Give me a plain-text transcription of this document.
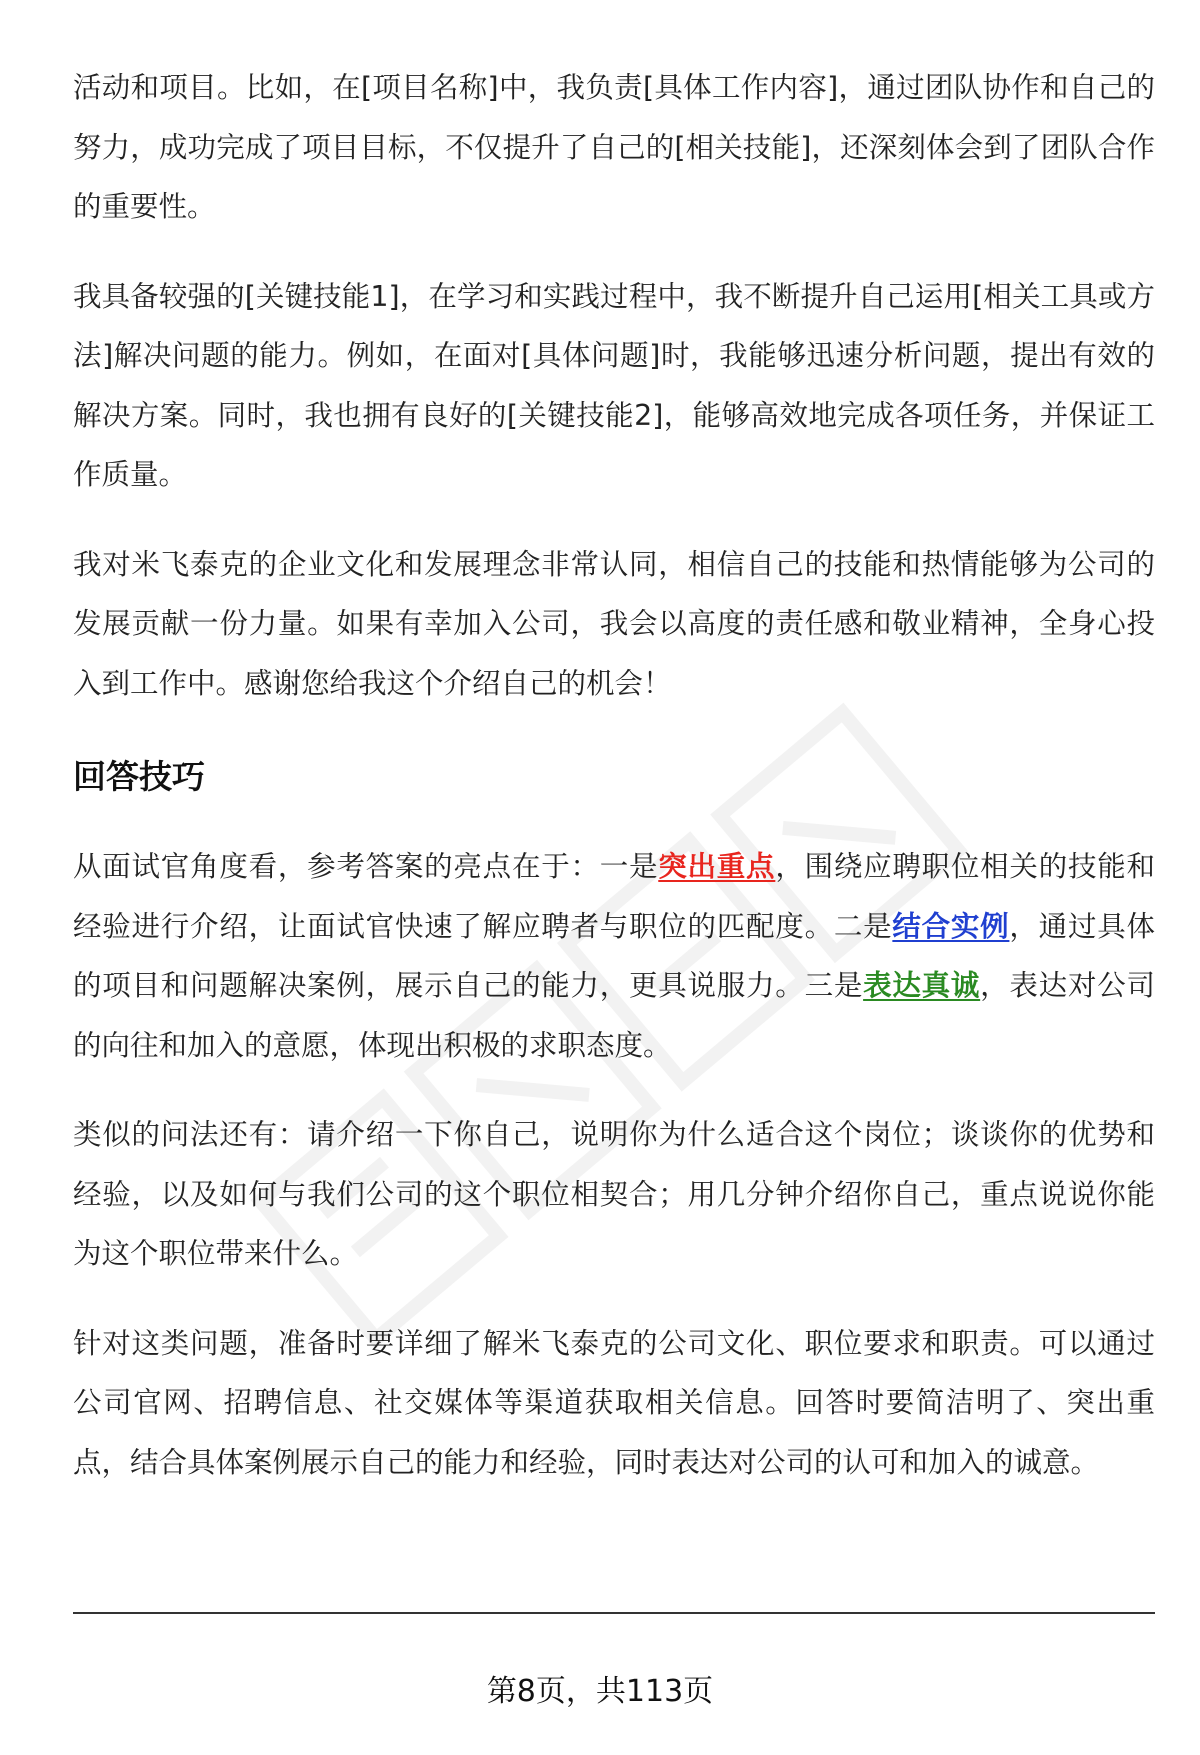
活动和项目。比如，在[项目名称]中，我负责[具体工作内容]，通过团队协作和自己的努力，成功完成了项目目标，不仅提升了自己的[相关技能]，还深刻体会到了团队合作的重要性。

我具备较强的[关键技能1]，在学习和实践过程中，我不断提升自己运用[相关工具或方法]解决问题的能力。例如，在面对[具体问题]时，我能够迅速分析问题，提出有效的解决方案。同时，我也拥有良好的[关键技能2]，能够高效地完成各项任务，并保证工作质量。

我对米飞泰克的企业文化和发展理念非常认同，相信自己的技能和热情能够为公司的发展贡献一份力量。如果有幸加入公司，我会以高度的责任感和敬业精神，全身心投入到工作中。感谢您给我这个介绍自己的机会！

回答技巧

从面试官角度看，参考答案的亮点在于：一是突出重点，围绕应聘职位相关的技能和经验进行介绍，让面试官快速了解应聘者与职位的匹配度。二是结合实例，通过具体的项目和问题解决案例，展示自己的能力，更具说服力。三是表达真诚，表达对公司的向往和加入的意愿，体现出积极的求职态度。

类似的问法还有：请介绍一下你自己，说明你为什么适合这个岗位；谈谈你的优势和经验，以及如何与我们公司的这个职位相契合；用几分钟介绍你自己，重点说说你能为这个职位带来什么。

针对这类问题，准备时要详细了解米飞泰克的公司文化、职位要求和职责。可以通过公司官网、招聘信息、社交媒体等渠道获取相关信息。回答时要简洁明了、突出重点，结合具体案例展示自己的能力和经验，同时表达对公司的认可和加入的诚意。

第8页，共113页
